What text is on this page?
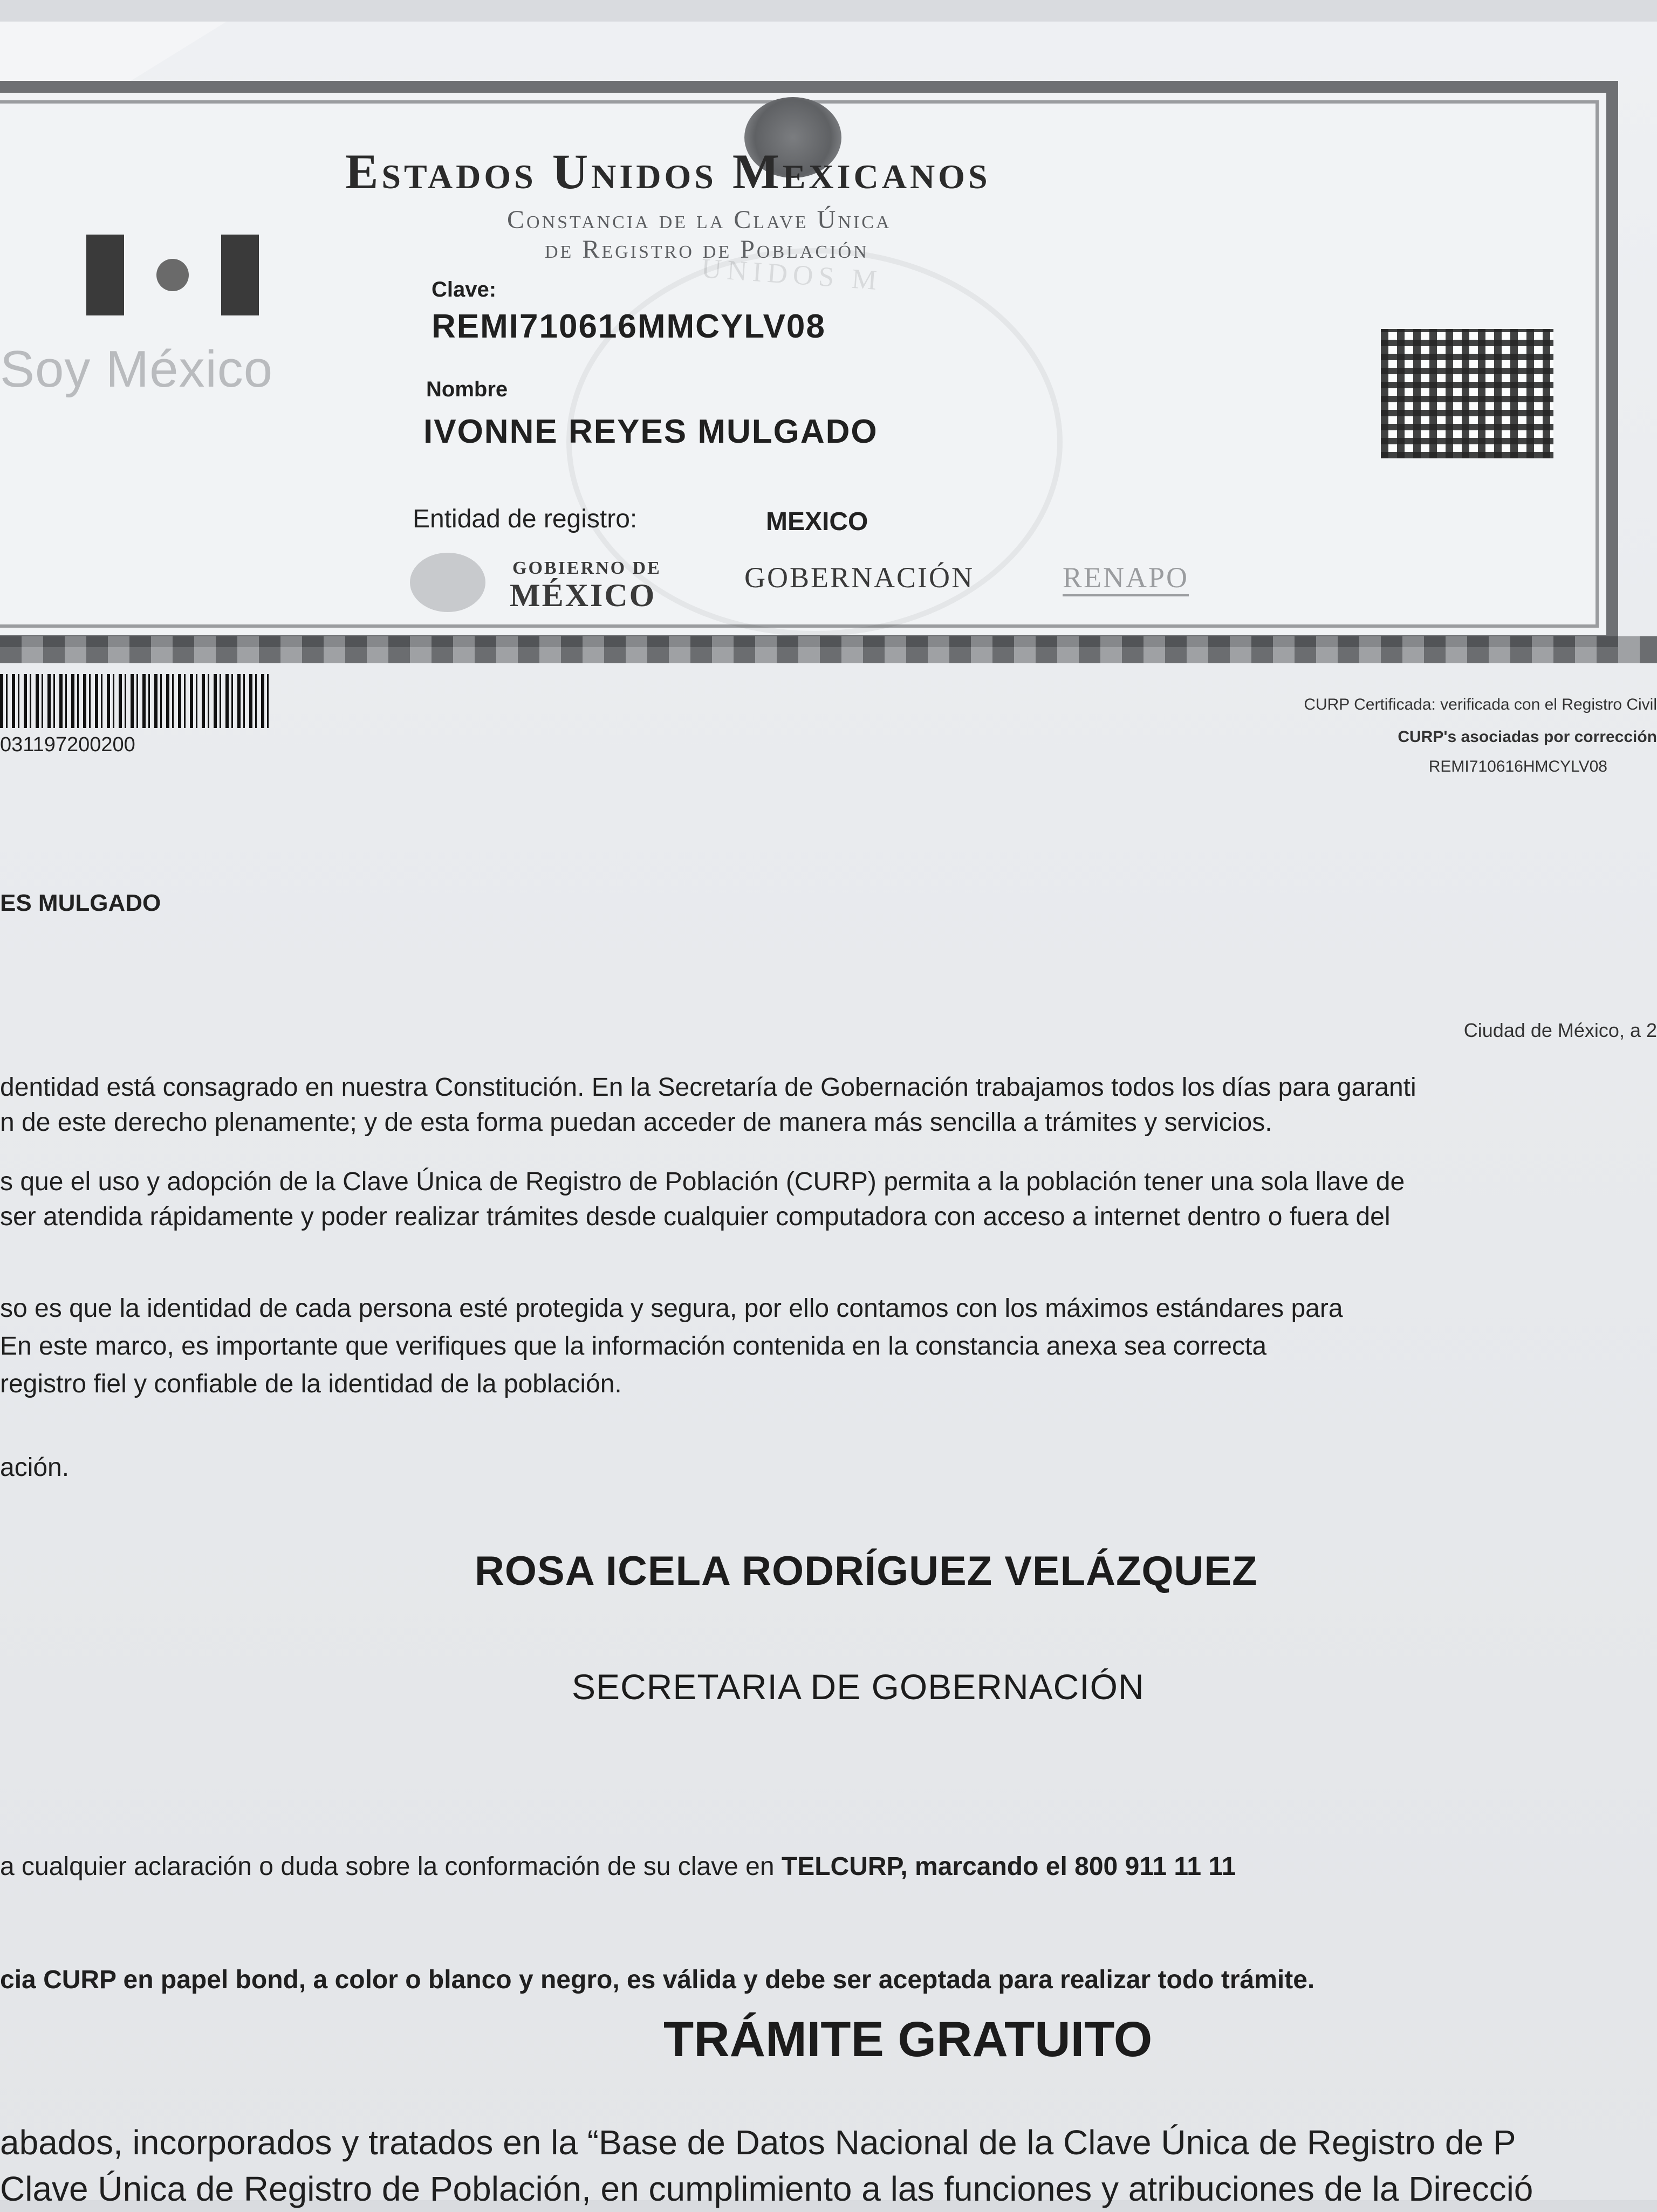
UNIDOS M
Soy México
Estados Unidos Mexicanos
Constancia de la Clave Única
de Registro de Población
Clave:
REMI710616MMCYLV08
Nombre
IVONNE REYES MULGADO
Entidad de registro:	MEXICO
GOBIERNO DE
MÉXICO	GOBERNACIÓN	RENAPO
031197200200
CURP Certificada: verificada con el Registro Civil
CURP's asociadas por corrección
REMI710616HMCYLV08
ES MULGADO
Ciudad de México, a 2
dentidad está consagrado en nuestra Constitución. En la Secretaría de Gobernación trabajamos todos los días para garanti
n de este derecho plenamente; y de esta forma puedan acceder de manera más sencilla a trámites y servicios.
s que el uso y adopción de la Clave Única de Registro de Población (CURP) permita a la población tener una sola llave de
ser atendida rápidamente y poder realizar trámites desde cualquier computadora con acceso a internet dentro o fuera del
so es que la identidad de cada persona esté protegida y segura, por ello contamos con los máximos estándares para
En este marco, es importante que verifiques que la información contenida en la constancia anexa sea correcta
registro fiel y confiable de la identidad de la población.
ación.
ROSA ICELA RODRÍGUEZ VELÁZQUEZ
SECRETARIA DE GOBERNACIÓN
a cualquier aclaración o duda sobre la conformación de su clave en TELCURP, marcando el 800 911 11 11
cia CURP en papel bond, a color o blanco y negro, es válida y debe ser aceptada para realizar todo trámite.
TRÁMITE GRATUITO
abados, incorporados y tratados en la “Base de Datos Nacional de la Clave Única de Registro de P
Clave Única de Registro de Población, en cumplimiento a las funciones y atribuciones de la Direcció
